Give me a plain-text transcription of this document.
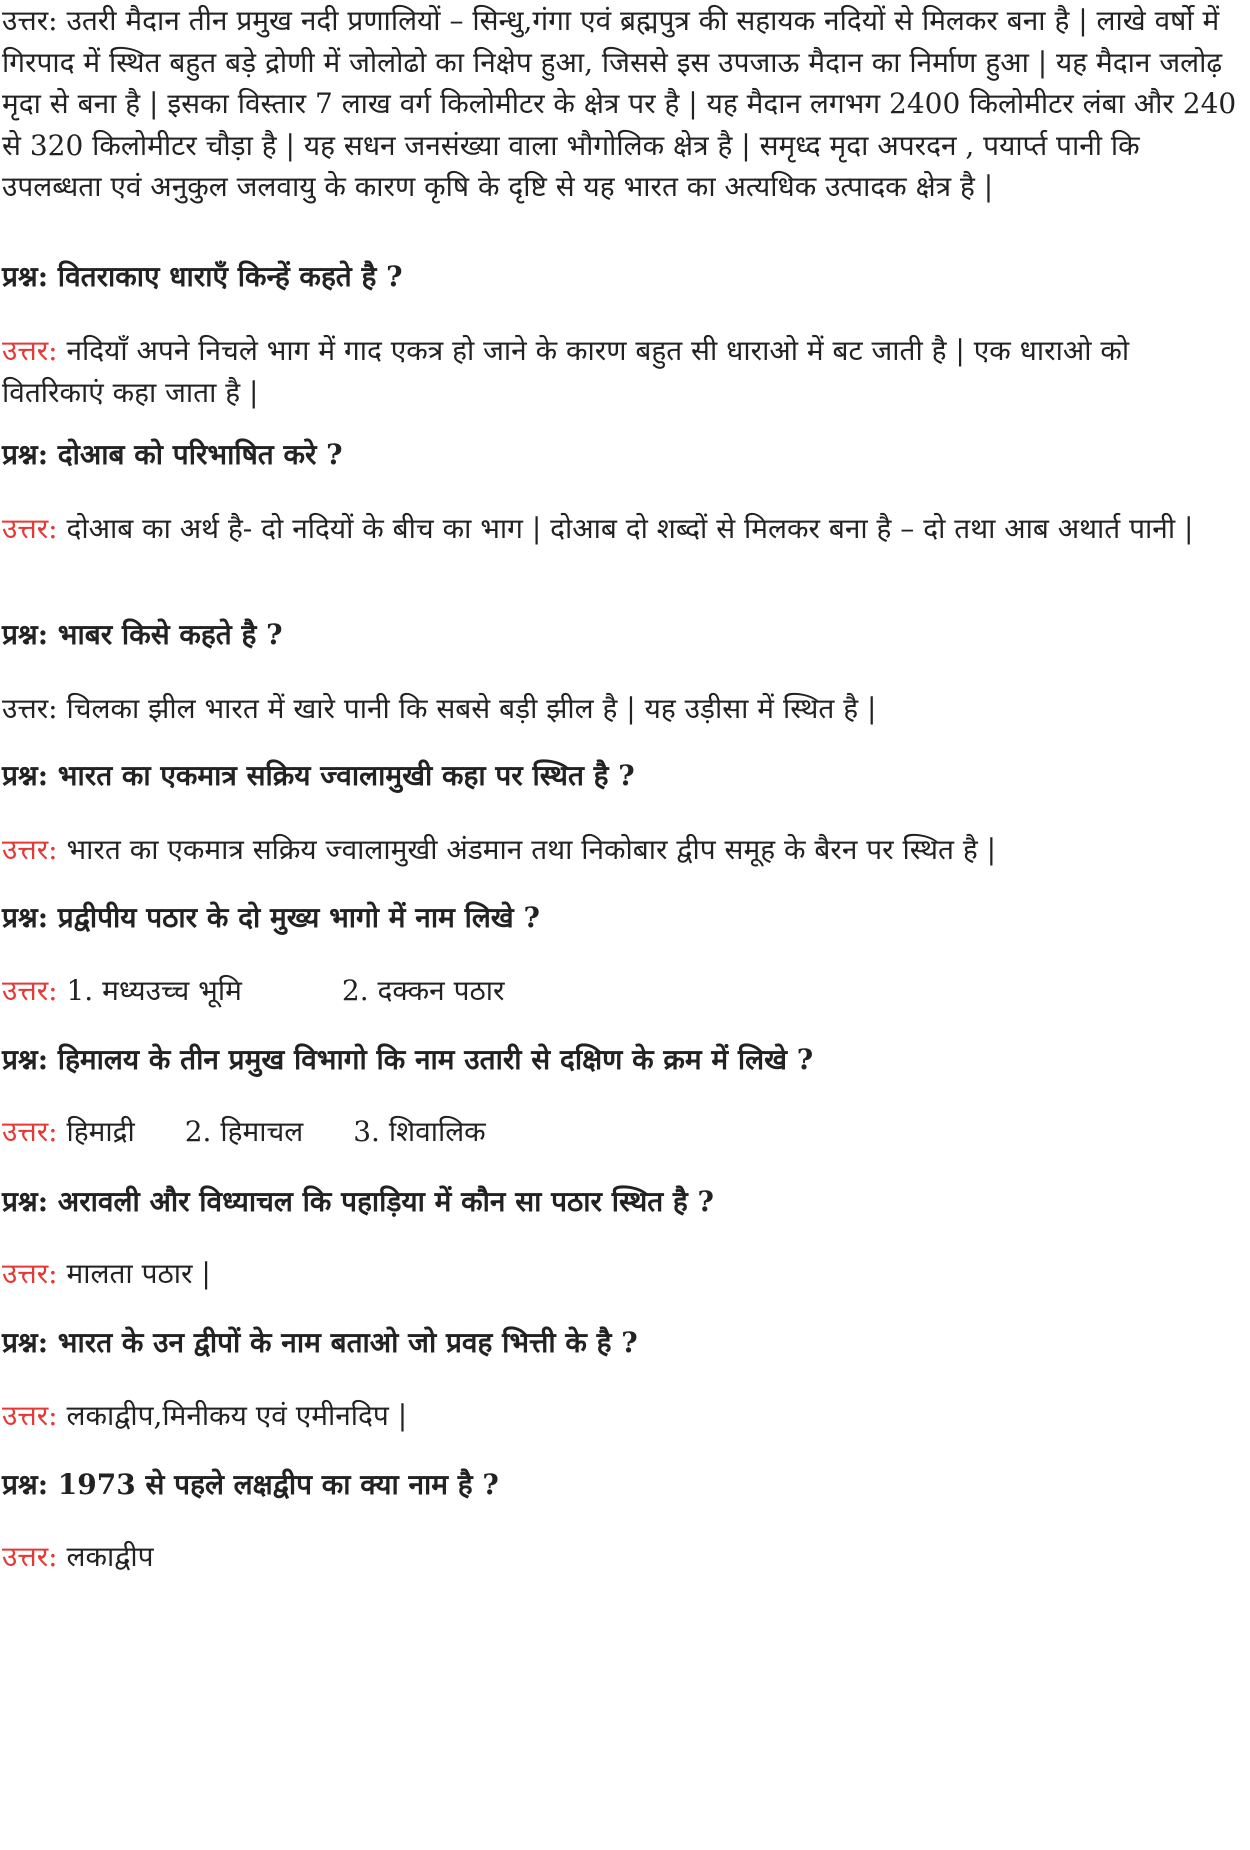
उत्तर: उतरी मैदान तीन प्रमुख नदी प्रणालियों – सिन्धु,गंगा एवं ब्रह्मपुत्र की सहायक नदियों से मिलकर बना है | लाखे वर्षो में गिरपाद में स्थित बहुत बड़े द्रोणी में जोलोढो का निक्षेप हुआ, जिससे इस उपजाऊ मैदान का निर्माण हुआ | यह मैदान जलोढ़ मृदा से बना है | इसका विस्तार 7 लाख वर्ग किलोमीटर के क्षेत्र पर है | यह मैदान लगभग 2400 किलोमीटर लंबा और 240 से 320 किलोमीटर चौड़ा है | यह सधन जनसंख्या वाला भौगोलिक क्षेत्र है | समृध्द मृदा अपरदन , पयार्प्त पानी कि उपलब्धता एवं अनुकुल जलवायु के कारण कृषि के दृष्टि से यह भारत का अत्यधिक उत्पादक क्षेत्र है |

प्रश्न: वितराकाए धाराएँ किन्हें कहते है ?

उत्तर: नदियाँ अपने निचले भाग में गाद एकत्र हो जाने के कारण बहुत सी धाराओ में बट जाती है | एक धाराओ को वितरिकाएं कहा जाता है |

प्रश्न: दोआब को परिभाषित करे ?

उत्तर: दोआब का अर्थ है- दो नदियों के बीच का भाग | दोआब दो शब्दों से मिलकर बना है – दो तथा आब अथार्त पानी |

प्रश्न: भाबर किसे कहते है ?

उत्तर: चिलका झील भारत में खारे पानी कि सबसे बड़ी झील है | यह उड़ीसा में स्थित है |

प्रश्न: भारत का एकमात्र सक्रिय ज्वालामुखी कहा पर स्थित है ?

उत्तर: भारत का एकमात्र सक्रिय ज्वालामुखी अंडमान तथा निकोबार द्वीप समूह के बैरन पर स्थित है |

प्रश्न: प्रद्वीपीय पठार के दो मुख्य भागो में नाम लिखे ?

उत्तर: 1. मध्यउच्च भूमि	2. दक्कन पठार

प्रश्न: हिमालय के तीन प्रमुख विभागो कि नाम उतारी से दक्षिण के क्रम में लिखे ?

उत्तर: हिमाद्री 2. हिमाचल 3. शिवालिक

प्रश्न: अरावली और विध्याचल कि पहाड़िया में कौन सा पठार स्थित है ?

उत्तर: मालता पठार |

प्रश्न: भारत के उन द्वीपों के नाम बताओ जो प्रवह भित्ती के है ?

उत्तर: लकाद्वीप,मिनीकय एवं एमीनदिप |

प्रश्न: 1973 से पहले लक्षद्वीप का क्या नाम है ?

उत्तर: लकाद्वीप
